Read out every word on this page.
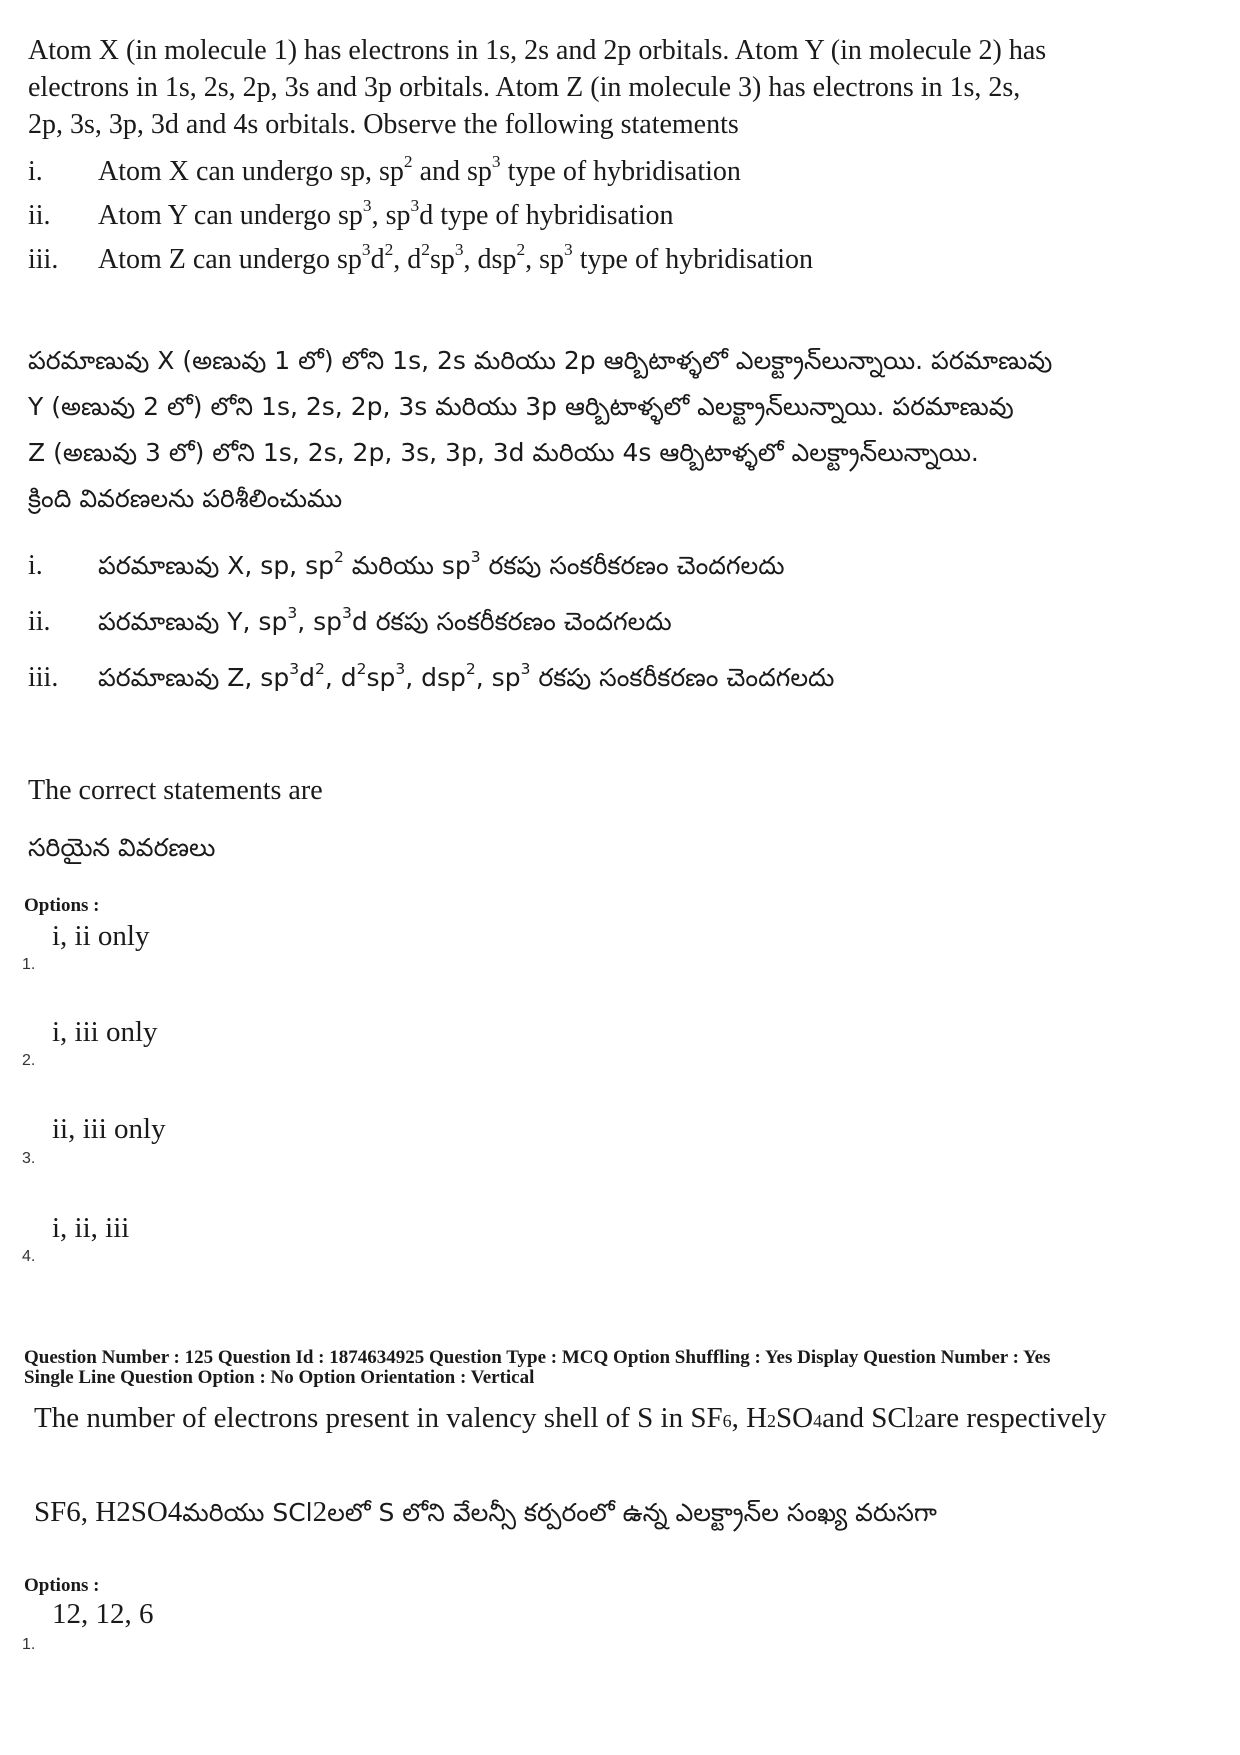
Atom X (in molecule 1) has electrons in 1s, 2s and 2p orbitals. Atom Y (in molecule 2) has
electrons in 1s, 2s, 2p, 3s and 3p orbitals. Atom Z (in molecule 3) has electrons in 1s, 2s,
2p, 3s, 3p, 3d and 4s orbitals. Observe the following statements
i.	Atom X can undergo sp, $sp^2$ and $sp^3$ type of hybridisation
ii.	Atom Y can undergo $sp^3$, $sp^3d$ type of hybridisation
iii.	Atom Z can undergo $sp^3d^2$, $d^2sp^3$, dsp$^2$, $sp^3$ type of hybridisation
పరమాణువు X (అణువు 1 లో) లోని 1s, 2s మరియు 2p ఆర్బిటాళ్ళలో ఎలక్ట్రాన్‌లున్నాయి. పరమాణువు
Y (అణువు 2 లో) లోని 1s, 2s, 2p, 3s మరియు 3p ఆర్బిటాళ్ళలో ఎలక్ట్రాన్‌లున్నాయి. పరమాణువు
Z (అణువు 3 లో) లోని 1s, 2s, 2p, 3s, 3p, 3d మరియు 4s ఆర్బిటాళ్ళలో ఎలక్ట్రాన్‌లున్నాయి.
క్రింది వివరణలను పరిశీలించుము
i.	పరమాణువు X, sp, $sp^2$ మరియు $sp^3$ రకపు సంకరీకరణం చెందగలదు
ii.	పరమాణువు Y, $sp^3$, $sp^3d$ రకపు సంకరీకరణం చెందగలదు
iii.	పరమాణువు Z, $sp^3d^2$, $d^2sp^3$, dsp$^2$, $sp^3$ రకపు సంకరీకరణం చెందగలదు
The correct statements are
సరియైన వివరణలు
Options :
i, ii only
1.
i, iii only
2.
ii, iii only
3.
i, ii, iii
4.
Question Number : 125 Question Id : 1874634925 Question Type : MCQ Option Shuffling : Yes Display Question Number : Yes
Single Line Question Option : No Option Orientation : Vertical
The number of electrons present in valency shell of S in SF 6 , H 2 SO 4 and SCl 2 are respectively
SF 6 , H 2 SO 4 మరియు SCl 2 లలో S లోని వేలన్సీ కర్పరంలో ఉన్న ఎలక్ట్రాన్‌ల సంఖ్య వరుసగా
Options :
12, 12, 6
1.
